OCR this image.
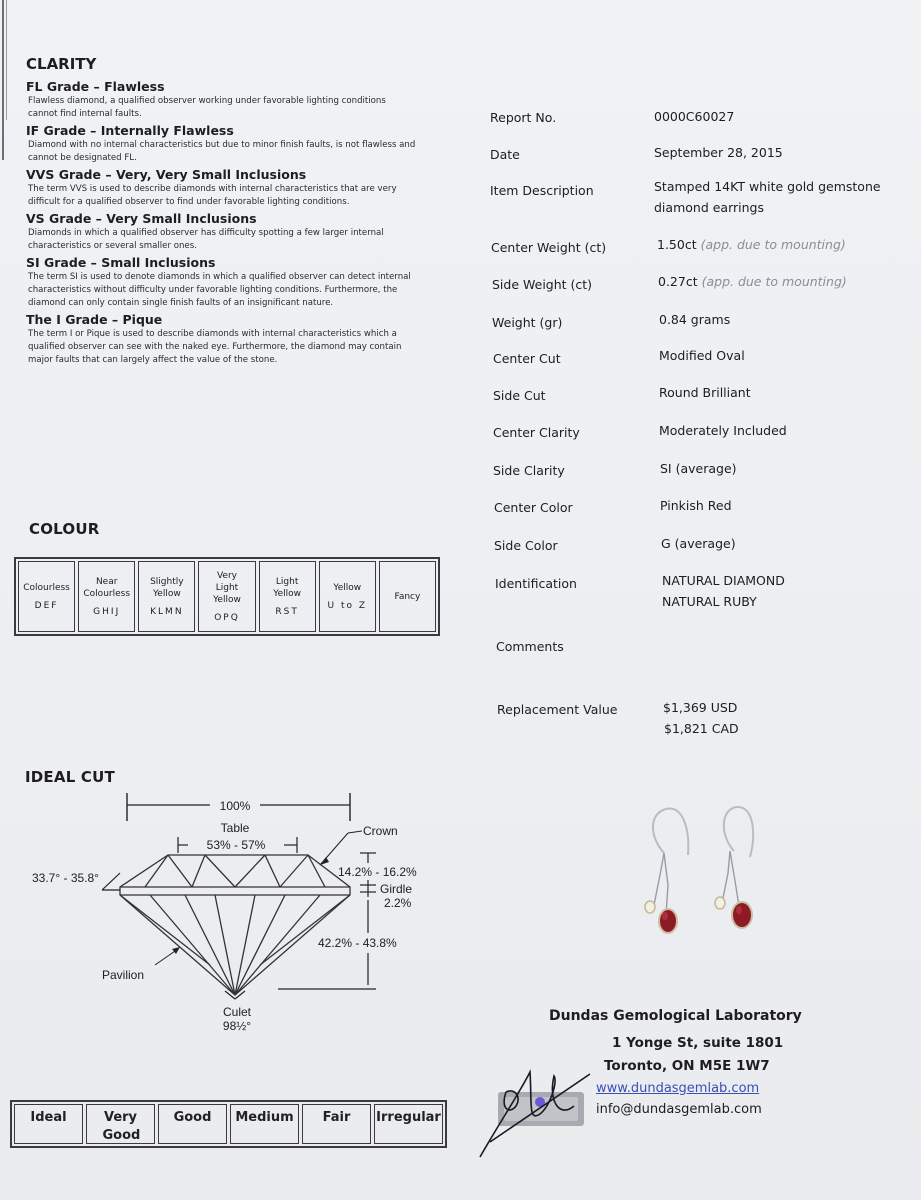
CLARITY
FL Grade – Flawless
Flawless diamond, a qualified observer working under favorable lighting conditions cannot find internal faults.
IF Grade – Internally Flawless
Diamond with no internal characteristics but due to minor finish faults, is not flawless and cannot be designated FL.
VVS Grade – Very, Very Small Inclusions
The term VVS is used to describe diamonds with internal characteristics that are very difficult for a qualified observer to find under favorable lighting conditions.
VS Grade – Very Small Inclusions
Diamonds in which a qualified observer has difficulty spotting a few larger internal characteristics or several smaller ones.
SI Grade – Small Inclusions
The term SI is used to denote diamonds in which a qualified observer can detect internal characteristics without difficulty under favorable lighting conditions. Furthermore, the diamond can only contain single finish faults of an insignificant nature.
The I Grade – Pique
The term I or Pique is used to describe diamonds with internal characteristics which a qualified observer can see with the naked eye. Furthermore, the diamond may contain major faults that can largely affect the value of the stone.
COLOUR
Colourless
DEF
Near Colourless
GHIJ
Slightly Yellow
KLMN
Very Light Yellow
OPQ
Light Yellow
RST
Yellow
U to Z
Fancy
IDEAL CUT
100%
Table
53% - 57%
Crown
33.7° - 35.8°	14.2% - 16.2%
Girdle
2.2%
42.2% - 43.8%
Pavilion
Culet
98½°
Ideal	Very Good
Good Medium Fair Irregular
Report No.	0000C60027
Date	September 28, 2015
Item Description	Stamped 14KT white gold gemstone diamond earrings
Center Weight (ct)	1.50ct (app. due to mounting)
Side Weight (ct)	0.27ct (app. due to mounting)
Weight (gr)	0.84 grams
Center Cut	Modified Oval
Side Cut	Round Brilliant
Center Clarity	Moderately Included
Side Clarity	SI (average)
Center Color	Pinkish Red
Side Color	G (average)
Identification	NATURAL DIAMOND
NATURAL RUBY
Comments
Replacement Value	$1,369 USD
$1,821 CAD
Dundas Gemological Laboratory
1 Yonge St, suite 1801
Toronto, ON M5E 1W7
www.dundasgemlab.com
info@dundasgemlab.com
